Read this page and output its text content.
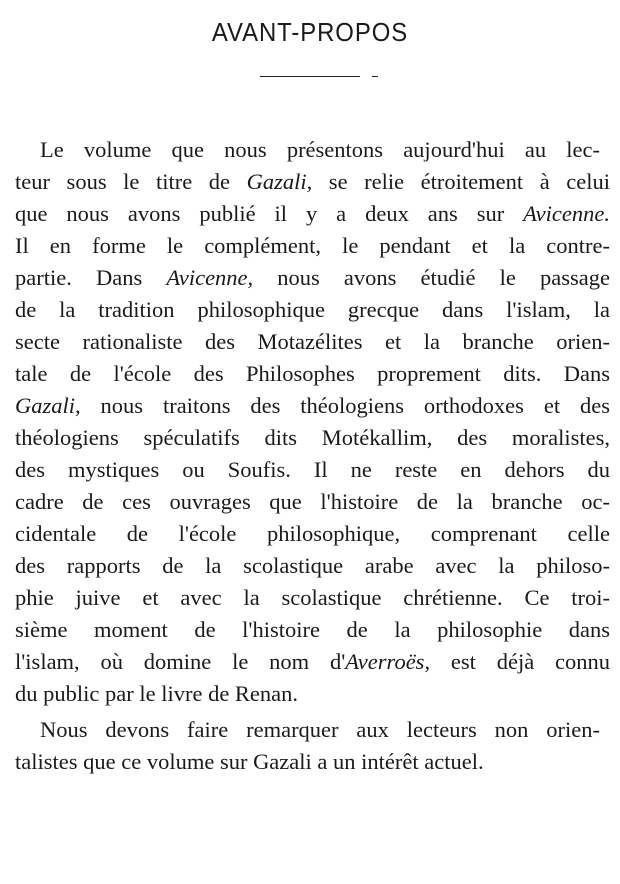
AVANT-PROPOS
Le volume que nous présentons aujourd'hui au lec-
teur sous le titre de Gazali, se relie étroitement à celui
que nous avons publié il y a deux ans sur Avicenne.
Il en forme le complément, le pendant et la contre-
partie. Dans Avicenne, nous avons étudié le passage
de la tradition philosophique grecque dans l'islam, la
secte rationaliste des Motazélites et la branche orien-
tale de l'école des Philosophes proprement dits. Dans
Gazali, nous traitons des théologiens orthodoxes et des
théologiens spéculatifs dits Motékallim, des moralistes,
des mystiques ou Soufis. Il ne reste en dehors du
cadre de ces ouvrages que l'histoire de la branche oc-
cidentale de l'école philosophique, comprenant celle
des rapports de la scolastique arabe avec la philoso-
phie juive et avec la scolastique chrétienne. Ce troi-
sième moment de l'histoire de la philosophie dans
l'islam, où domine le nom d'Averroës, est déjà connu
du public par le livre de Renan.
Nous devons faire remarquer aux lecteurs non orien-
talistes que ce volume sur Gazali a un intérêt actuel.
